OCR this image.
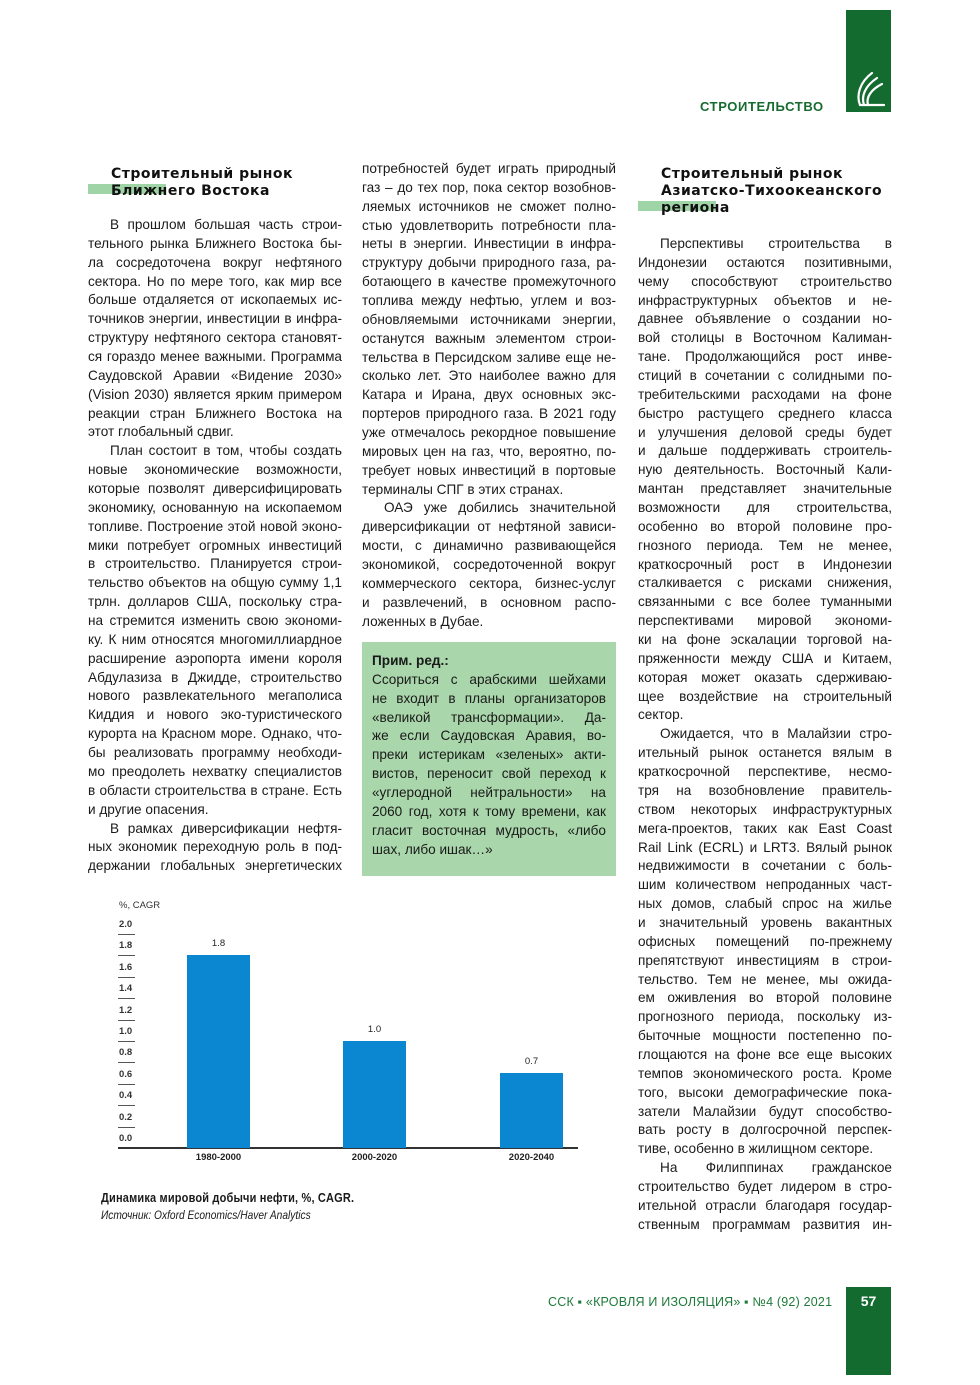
СТРОИТЕЛЬСТВО
Строительный рынок
Ближнего Востока
В прошлом большая часть строи-
тельного рынка Ближнего Востока бы-
ла сосредоточена вокруг нефтяного
сектора. Но по мере того, как мир все
больше отдаляется от ископаемых ис-
точников энергии, инвестиции в инфра-
структуру нефтяного сектора становят-
ся гораздо менее важными. Программа
Саудовской Аравии «Видение 2030»
(Vision 2030) является ярким примером
реакции стран Ближнего Востока на
этот глобальный сдвиг.
План состоит в том, чтобы создать
новые экономические возможности,
которые позволят диверсифицировать
экономику, основанную на ископаемом
топливе. Построение этой новой эконо-
мики потребует огромных инвестиций
в строительство. Планируется строи-
тельство объектов на общую сумму 1,1
трлн. долларов США, поскольку стра-
на стремится изменить свою экономи-
ку. К ним относятся многомиллиардное
расширение аэропорта имени короля
Абдулазиза в Джидде, строительство
нового развлекательного мегаполиса
Киддия и нового эко-туристического
курорта на Красном море. Однако, что-
бы реализовать программу необходи-
мо преодолеть нехватку специалистов
в области строительства в стране. Есть
и другие опасения.
В рамках диверсификации нефтя-
ных экономик переходную роль в под-
держании глобальных энергетических
потребностей будет играть природный
газ – до тех пор, пока сектор возобнов-
ляемых источников не сможет полно-
стью удовлетворить потребности пла-
неты в энергии. Инвестиции в инфра-
структуру добычи природного газа, ра-
ботающего в качестве промежуточного
топлива между нефтью, углем и воз-
обновляемыми источниками энергии,
останутся важным элементом строи-
тельства в Персидском заливе еще не-
сколько лет. Это наиболее важно для
Катара и Ирана, двух основных экс-
портеров природного газа. В 2021 году
уже отмечалось рекордное повышение
мировых цен на газ, что, вероятно, по-
требует новых инвестиций в портовые
терминалы СПГ в этих странах.
ОАЭ уже добились значительной
диверсификации от нефтяной зависи-
мости, с динамично развивающейся
экономикой, сосредоточенной вокруг
коммерческого сектора, бизнес-услуг
и развлечений, в основном распо-
ложенных в Дубае.
Прим. ред.:
Ссориться с арабскими шейхами
не входит в планы организаторов
«великой трансформации». Да-
же если Саудовская Аравия, во-
преки истерикам «зеленых» акти-
вистов, переносит свой переход к
«углеродной нейтральности» на
2060 год, хотя к тому времени, как
гласит восточная мудрость, «либо
шах, либо ишак…»
Строительный рынок
Азиатско-Тихоокеанского
региона
Перспективы строительства в
Индонезии остаются позитивными,
чему способствуют строительство
инфраструктурных объектов и не-
давнее объявление о создании но-
вой столицы в Восточном Калиман-
тане. Продолжающийся рост инве-
стиций в сочетании с солидными по-
требительскими расходами на фоне
быстро растущего среднего класса
и улучшения деловой среды будет
и дальше поддерживать строитель-
ную деятельность. Восточный Кали-
мантан представляет значительные
возможности для строительства,
особенно во второй половине про-
гнозного периода. Тем не менее,
краткосрочный рост в Индонезии
сталкивается с рисками снижения,
связанными с все более туманными
перспективами мировой экономи-
ки на фоне эскалации торговой на-
пряженности между США и Китаем,
которая может оказать сдерживаю-
щее воздействие на строительный
сектор.
Ожидается, что в Малайзии стро-
ительный рынок останется вялым в
краткосрочной перспективе, несмо-
тря на возобновление правитель-
ством некоторых инфраструктурных
мега-проектов, таких как East Coast
Rail Link (ECRL) и LRT3. Вялый рынок
недвижимости в сочетании с боль-
шим количеством непроданных част-
ных домов, слабый спрос на жилье
и значительный уровень вакантных
офисных помещений по-прежнему
препятствуют инвестициям в строи-
тельство. Тем не менее, мы ожида-
ем оживления во второй половине
прогнозного периода, поскольку из-
быточные мощности постепенно по-
глощаются на фоне все еще высоких
темпов экономического роста. Кроме
того, высоки демографические пока-
затели Малайзии будут способство-
вать росту в долгосрочной перспек-
тиве, особенно в жилищном секторе.
На Филиппинах гражданское
строительство будет лидером в стро-
ительной отрасли благодаря государ-
ственным программам развития ин-
%, CAGR
0.0
0.2
0.4
0.6
0.8
1.0
1.2
1.4
1.6
1.8
2.0
1.8
1980-2000
1.0
2000-2020
0.7
2020-2040
Динамика мировой добычи нефти, %, CAGR.
Источник: Oxford Economics/Haver Analytics
ССК ▪ «КРОВЛЯ И ИЗОЛЯЦИЯ» ▪ №4 (92) 2021	57
